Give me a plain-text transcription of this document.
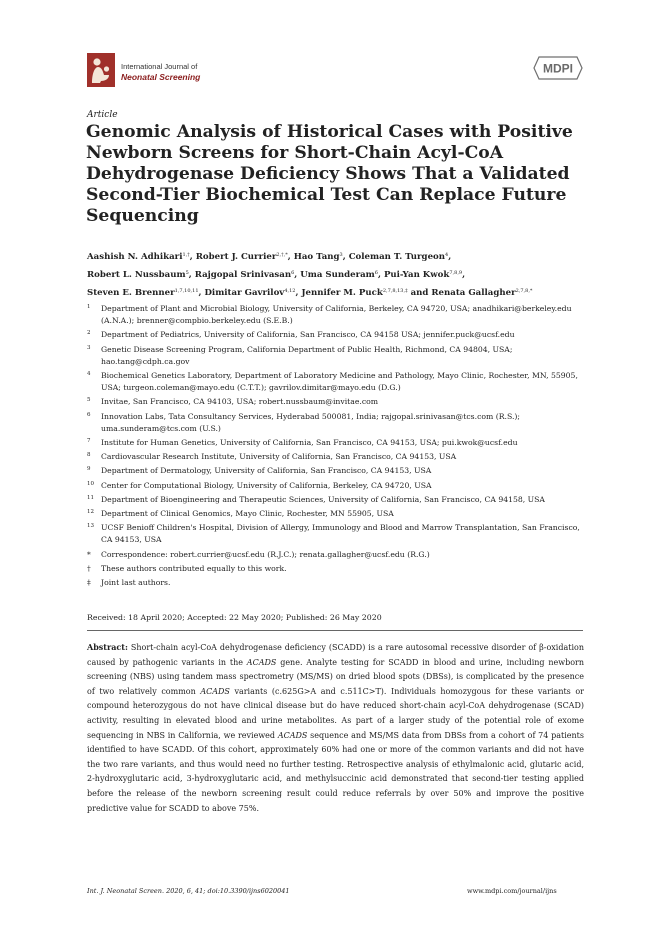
International Journal of
Neonatal Screening
MDPI
Article
Genomic Analysis of Historical Cases with Positive Newborn Screens for Short-Chain Acyl-CoA Dehydrogenase Deficiency Shows That a Validated Second-Tier Biochemical Test Can Replace Future Sequencing
Aashish N. Adhikari$^{1,\dagger}$, Robert J. Currier$^{2,\dagger,*}$, Hao Tang$^3$, Coleman T. Turgeon$^4$,
Robert L. Nussbaum$^5$, Rajgopal Srinivasan$^6$, Uma Sunderam$^6$, Pui-Yan Kwok$^{7,8,9}$,
Steven E. Brenner$^{1,7,10,11}$, Dimitar Gavrilov$^{4,12}$, Jennifer M. Puck$^{2,7,8,13,\ddagger}$ and Renata Gallagher$^{2,7,8,*}$
1 Department of Plant and Microbial Biology, University of California, Berkeley, CA 94720, USA; anadhikari@berkeley.edu (A.N.A.); brenner@compbio.berkeley.edu (S.E.B.)
2 Department of Pediatrics, University of California, San Francisco, CA 94158 USA; jennifer.puck@ucsf.edu
3 Genetic Disease Screening Program, California Department of Public Health, Richmond, CA 94804, USA; hao.tang@cdph.ca.gov
4 Biochemical Genetics Laboratory, Department of Laboratory Medicine and Pathology, Mayo Clinic, Rochester, MN, 55905, USA; turgeon.coleman@mayo.edu (C.T.T.); gavrilov.dimitar@mayo.edu (D.G.)
5 Invitae, San Francisco, CA 94103, USA; robert.nussbaum@invitae.com
6 Innovation Labs, Tata Consultancy Services, Hyderabad 500081, India; rajgopal.srinivasan@tcs.com (R.S.); uma.sunderam@tcs.com (U.S.)
7 Institute for Human Genetics, University of California, San Francisco, CA 94153, USA; pui.kwok@ucsf.edu
8 Cardiovascular Research Institute, University of California, San Francisco, CA 94153, USA
9 Department of Dermatology, University of California, San Francisco, CA 94153, USA
10 Center for Computational Biology, University of California, Berkeley, CA 94720, USA
11 Department of Bioengineering and Therapeutic Sciences, University of California, San Francisco, CA 94158, USA
12 Department of Clinical Genomics, Mayo Clinic, Rochester, MN 55905, USA
13 UCSF Benioff Children's Hospital, Division of Allergy, Immunology and Blood and Marrow Transplantation, San Francisco, CA 94153, USA
* Correspondence: robert.currier@ucsf.edu (R.J.C.); renata.gallagher@ucsf.edu (R.G.)
† These authors contributed equally to this work.
‡ Joint last authors.
Received: 18 April 2020; Accepted: 22 May 2020; Published: 26 May 2020

Abstract: Short-chain acyl-CoA dehydrogenase deficiency (SCADD) is a rare autosomal recessive disorder of β-oxidation caused by pathogenic variants in the ACADS gene. Analyte testing for SCADD in blood and urine, including newborn screening (NBS) using tandem mass spectrometry (MS/MS) on dried blood spots (DBSs), is complicated by the presence of two relatively common ACADS variants (c.625G>A and c.511C>T). Individuals homozygous for these variants or compound heterozygous do not have clinical disease but do have reduced short-chain acyl-CoA dehydrogenase (SCAD) activity, resulting in elevated blood and urine metabolites. As part of a larger study of the potential role of exome sequencing in NBS in California, we reviewed ACADS sequence and MS/MS data from DBSs from a cohort of 74 patients identified to have SCADD. Of this cohort, approximately 60% had one or more of the common variants and did not have the two rare variants, and thus would need no further testing. Retrospective analysis of ethylmalonic acid, glutaric acid, 2-hydroxyglutaric acid, 3-hydroxyglutaric acid, and methylsuccinic acid demonstrated that second-tier testing applied before the release of the newborn screening result could reduce referrals by over 50% and improve the positive predictive value for SCADD to above 75%.

Int. J. Neonatal Screen. 2020, 6, 41; doi:10.3390/ijns6020041	www.mdpi.com/journal/ijns
